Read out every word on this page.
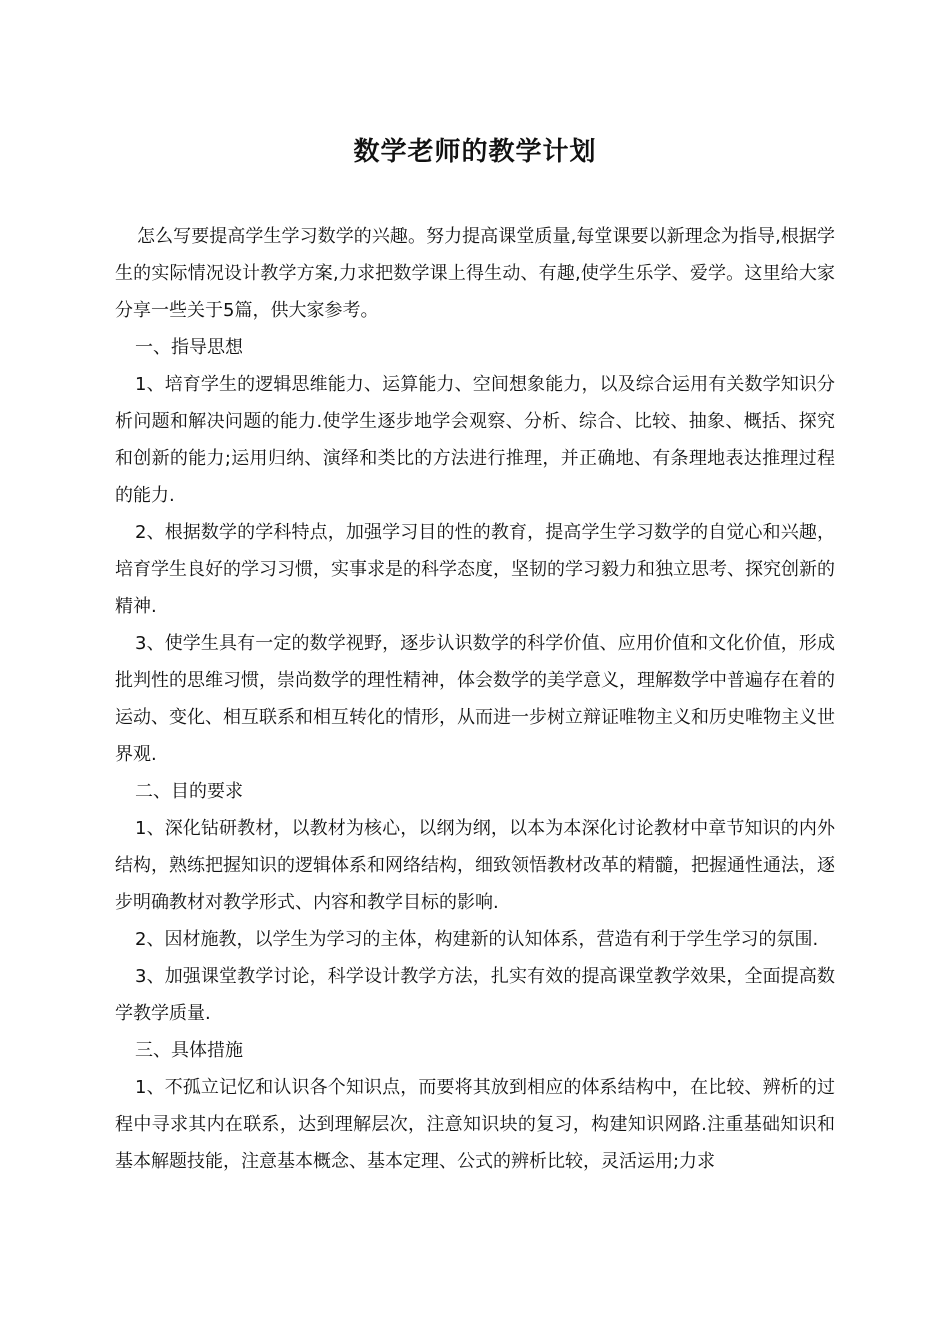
数学老师的教学计划

怎么写要提高学生学习数学的兴趣。努力提高课堂质量,每堂课要以新理念为指导,根据学生的实际情况设计教学方案,力求把数学课上得生动、有趣,使学生乐学、爱学。这里给大家分享一些关于5篇，供大家参考。

一、指导思想

1、培育学生的逻辑思维能力、运算能力、空间想象能力，以及综合运用有关数学知识分析问题和解决问题的能力.使学生逐步地学会观察、分析、综合、比较、抽象、概括、探究和创新的能力;运用归纳、演绎和类比的方法进行推理，并正确地、有条理地表达推理过程的能力.

2、根据数学的学科特点，加强学习目的性的教育，提高学生学习数学的自觉心和兴趣，培育学生良好的学习习惯，实事求是的科学态度，坚韧的学习毅力和独立思考、探究创新的精神.

3、使学生具有一定的数学视野，逐步认识数学的科学价值、应用价值和文化价值，形成批判性的思维习惯，崇尚数学的理性精神，体会数学的美学意义，理解数学中普遍存在着的运动、变化、相互联系和相互转化的情形，从而进一步树立辩证唯物主义和历史唯物主义世界观.

二、目的要求

1、深化钻研教材，以教材为核心，以纲为纲，以本为本深化讨论教材中章节知识的内外结构，熟练把握知识的逻辑体系和网络结构，细致领悟教材改革的精髓，把握通性通法，逐步明确教材对教学形式、内容和教学目标的影响.

2、因材施教，以学生为学习的主体，构建新的认知体系，营造有利于学生学习的氛围.

3、加强课堂教学讨论，科学设计教学方法，扎实有效的提高课堂教学效果，全面提高数学教学质量.

三、具体措施

1、不孤立记忆和认识各个知识点，而要将其放到相应的体系结构中，在比较、辨析的过程中寻求其内在联系，达到理解层次，注意知识块的复习，构建知识网路.注重基础知识和基本解题技能，注意基本概念、基本定理、公式的辨析比较，灵活运用;力求
